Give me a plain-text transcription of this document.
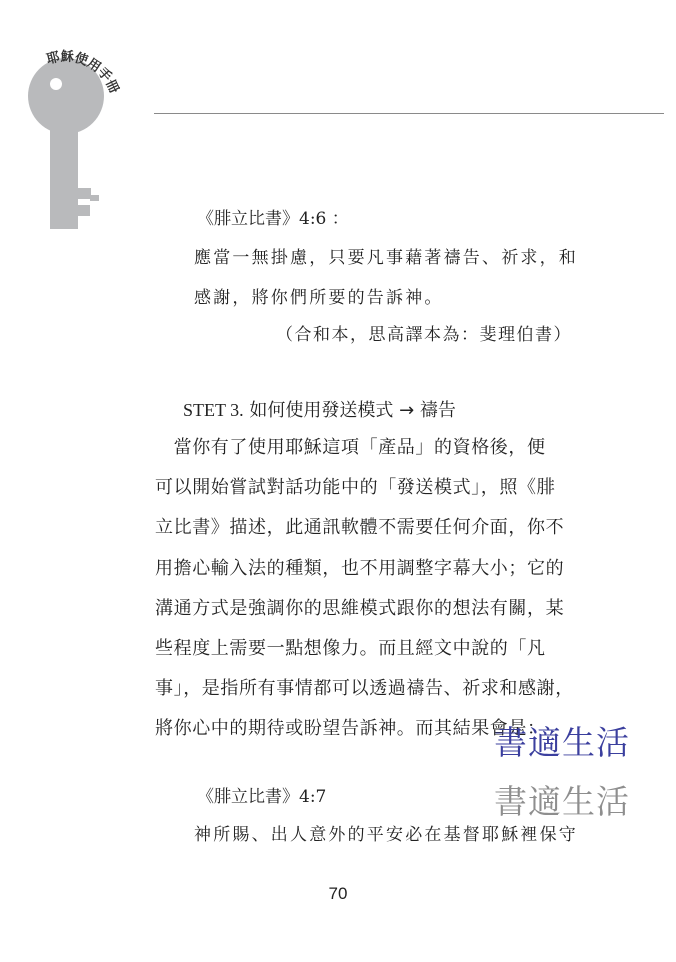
耶穌使用手冊
《腓立比書》4:6 ：
應當一無掛慮，只要凡事藉著禱告、祈求，和
感謝，將你們所要的告訴神。
（合和本，思高譯本為：斐理伯書）
STET 3. 如何使用發送模式 → 禱告
　當你有了使用耶穌這項「產品」的資格後，便
可以開始嘗試對話功能中的「發送模式」，照《腓
立比書》描述，此通訊軟體不需要任何介面，你不
用擔心輸入法的種類，也不用調整字幕大小；它的
溝通方式是強調你的思維模式跟你的想法有關，某
些程度上需要一點想像力。而且經文中說的「凡
事」，是指所有事情都可以透過禱告、祈求和感謝，
將你心中的期待或盼望告訴神。而其結果會是：
書適生活
書適生活
《腓立比書》4:7
神所賜、出人意外的平安必在基督耶穌裡保守
70
